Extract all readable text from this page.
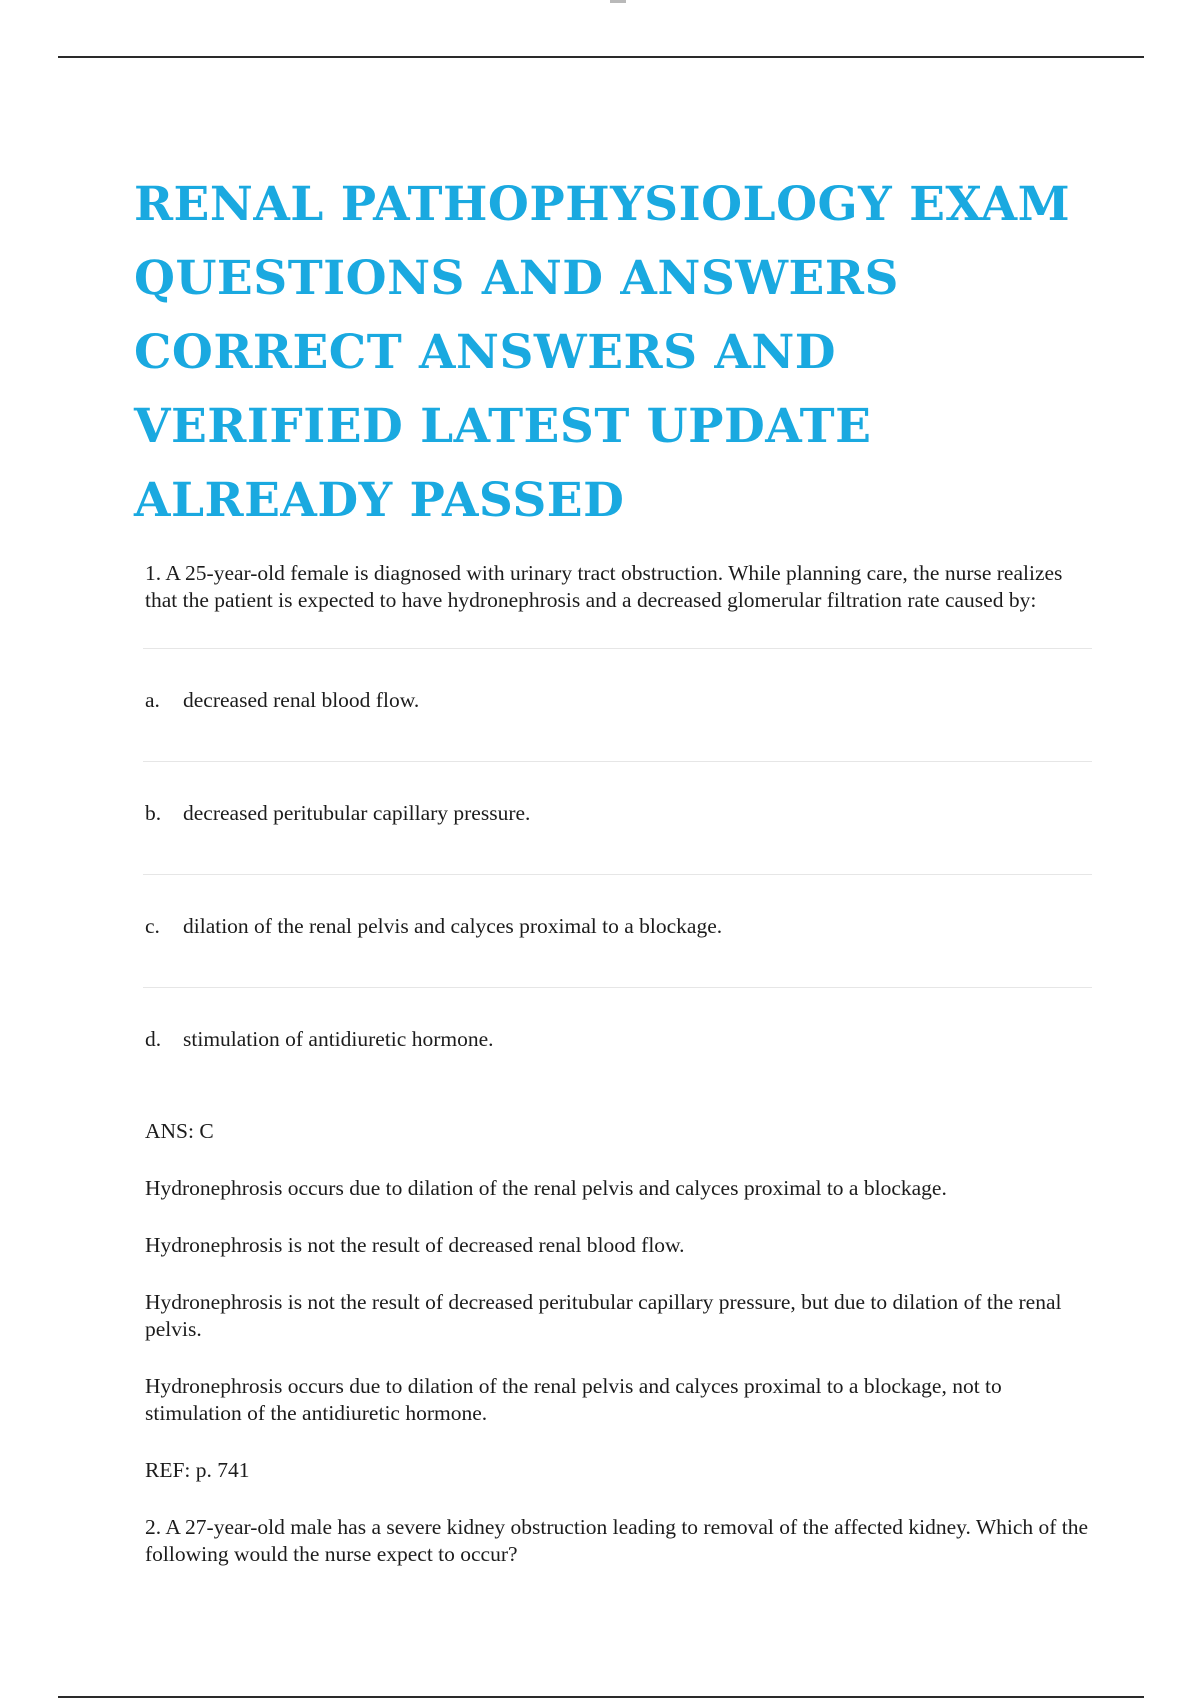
RENAL PATHOPHYSIOLOGY EXAM QUESTIONS AND ANSWERS CORRECT ANSWERS AND VERIFIED LATEST UPDATE ALREADY PASSED

1. A 25-year-old female is diagnosed with urinary tract obstruction. While planning care, the nurse realizes that the patient is expected to have hydronephrosis and a decreased glomerular filtration rate caused by:

a.	decreased renal blood flow.
b.	decreased peritubular capillary pressure.
c.	dilation of the renal pelvis and calyces proximal to a blockage.
d.	stimulation of antidiuretic hormone.

ANS: C

Hydronephrosis occurs due to dilation of the renal pelvis and calyces proximal to a blockage.

Hydronephrosis is not the result of decreased renal blood flow.

Hydronephrosis is not the result of decreased peritubular capillary pressure, but due to dilation of the renal pelvis.

Hydronephrosis occurs due to dilation of the renal pelvis and calyces proximal to a blockage, not to stimulation of the antidiuretic hormone.

REF: p. 741

2. A 27-year-old male has a severe kidney obstruction leading to removal of the affected kidney. Which of the following would the nurse expect to occur?
